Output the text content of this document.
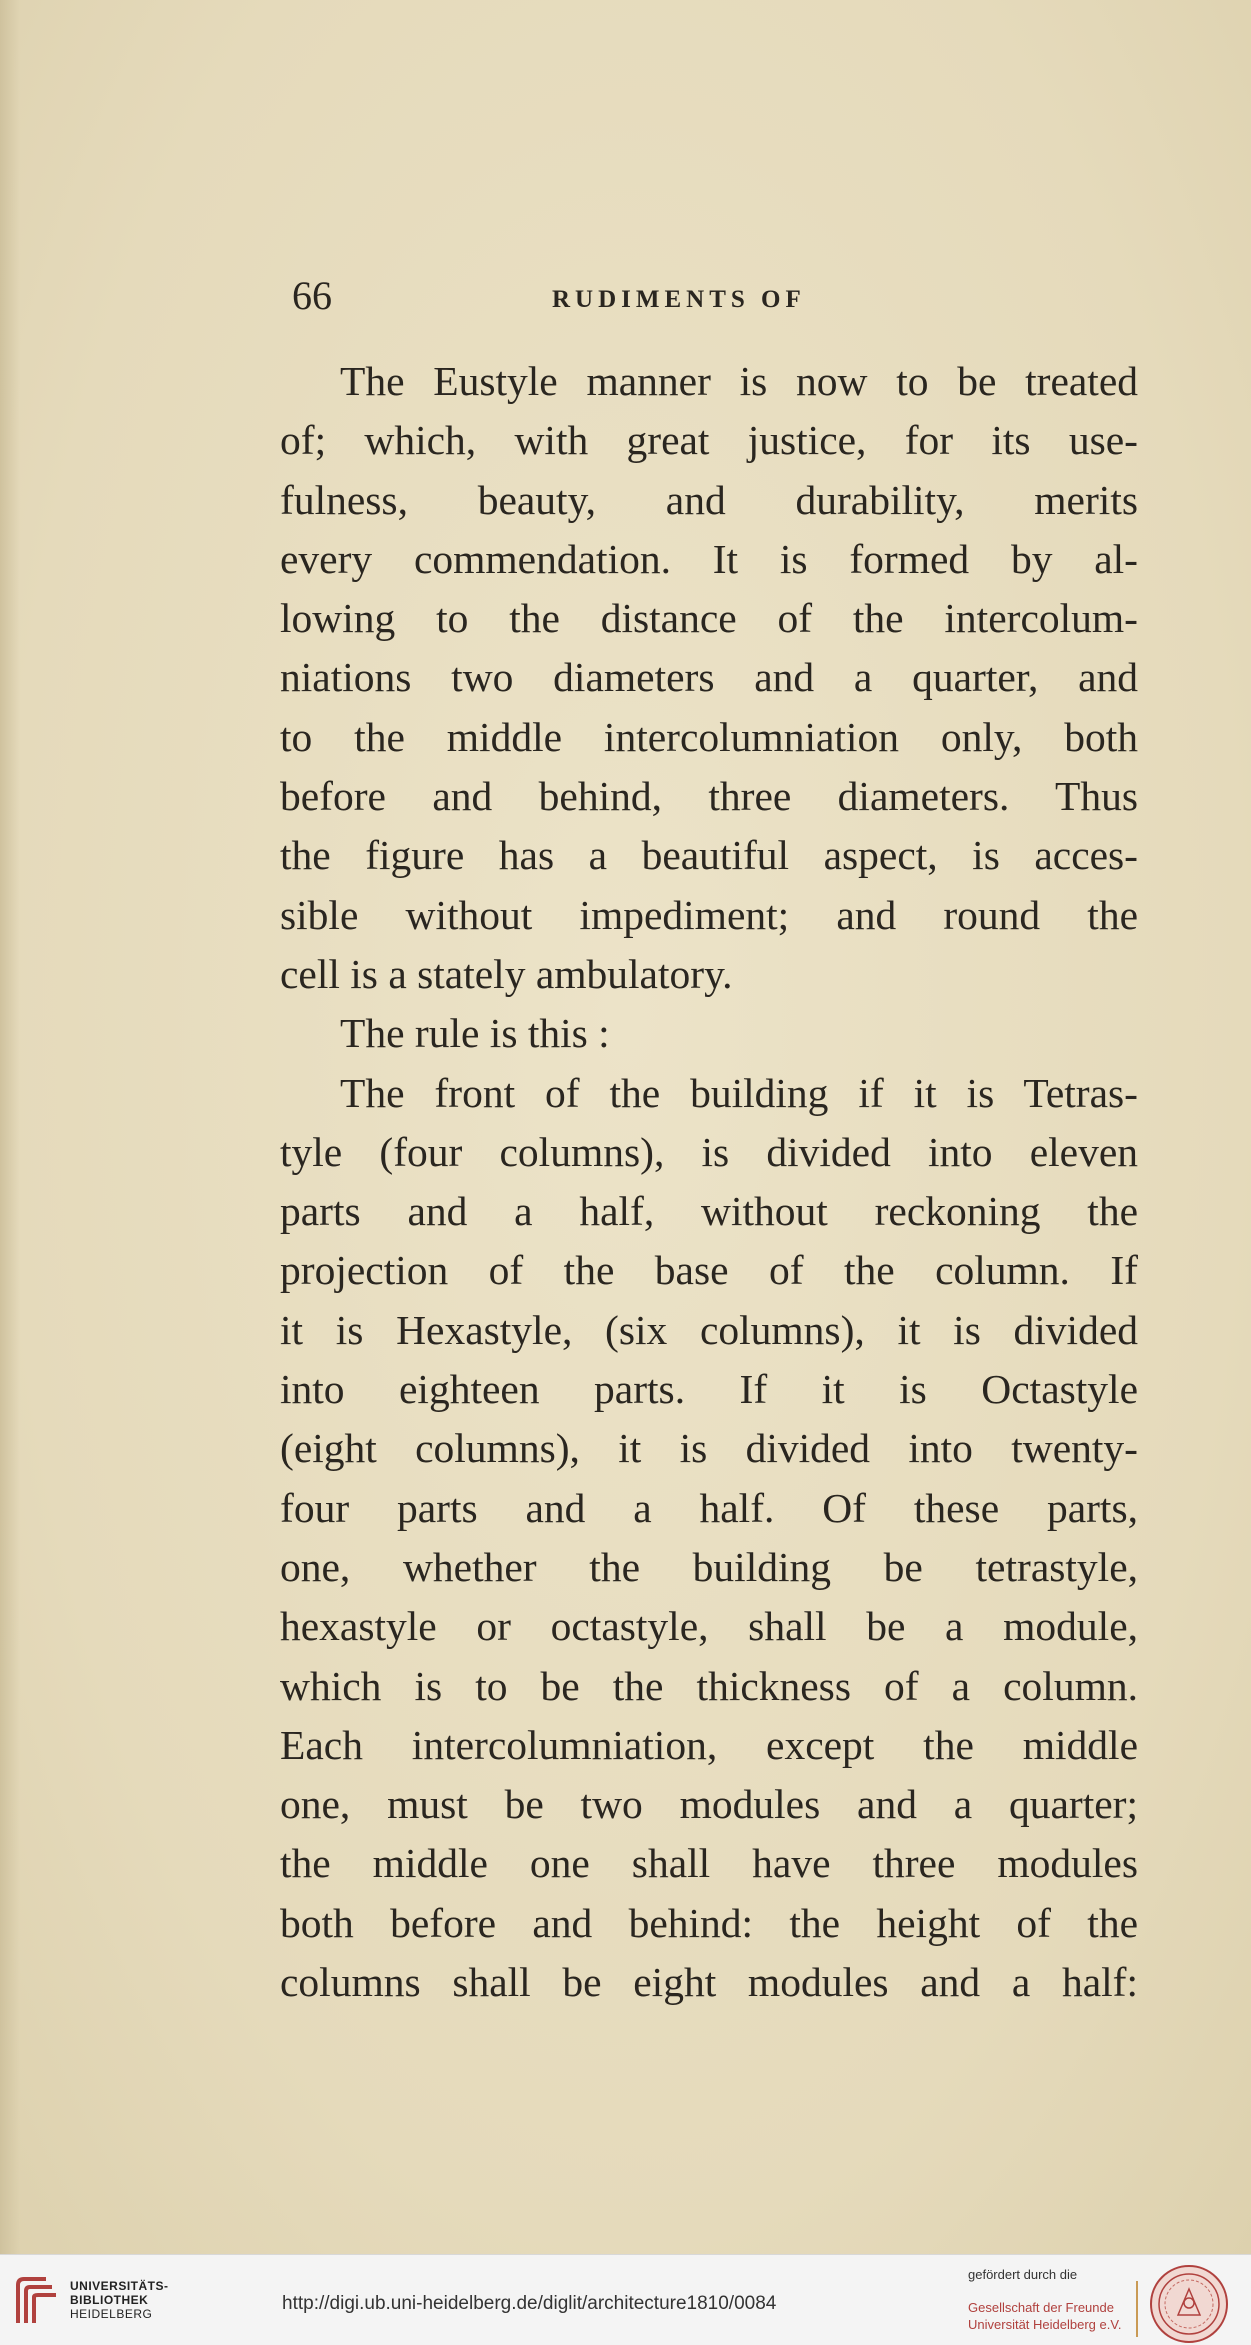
66	RUDIMENTS OF
The Eustyle manner is now to be treated
of; which, with great justice, for its use-
fulness, beauty, and durability, merits
every commendation. It is formed by al-
lowing to the distance of the intercolum-
niations two diameters and a quarter, and
to the middle intercolumniation only, both
before and behind, three diameters. Thus
the figure has a beautiful aspect, is acces-
sible without impediment; and round the
cell is a stately ambulatory.
The rule is this :
The front of the building if it is Tetras-
tyle (four columns), is divided into eleven
parts and a half, without reckoning the
projection of the base of the column. If
it is Hexastyle, (six columns), it is divided
into eighteen parts. If it is Octastyle
(eight columns), it is divided into twenty-
four parts and a half. Of these parts,
one, whether the building be tetrastyle,
hexastyle or octastyle, shall be a module,
which is to be the thickness of a column.
Each intercolumniation, except the middle
one, must be two modules and a quarter;
the middle one shall have three modules
both before and behind: the height of the
columns shall be eight modules and a half:
UNIVERSITÄTS-
BIBLIOTHEK
HEIDELBERG	http://digi.ub.uni-heidelberg.de/diglit/architecture1810/0084
gefördert durch die
Gesellschaft der Freunde
Universität Heidelberg e.V.
